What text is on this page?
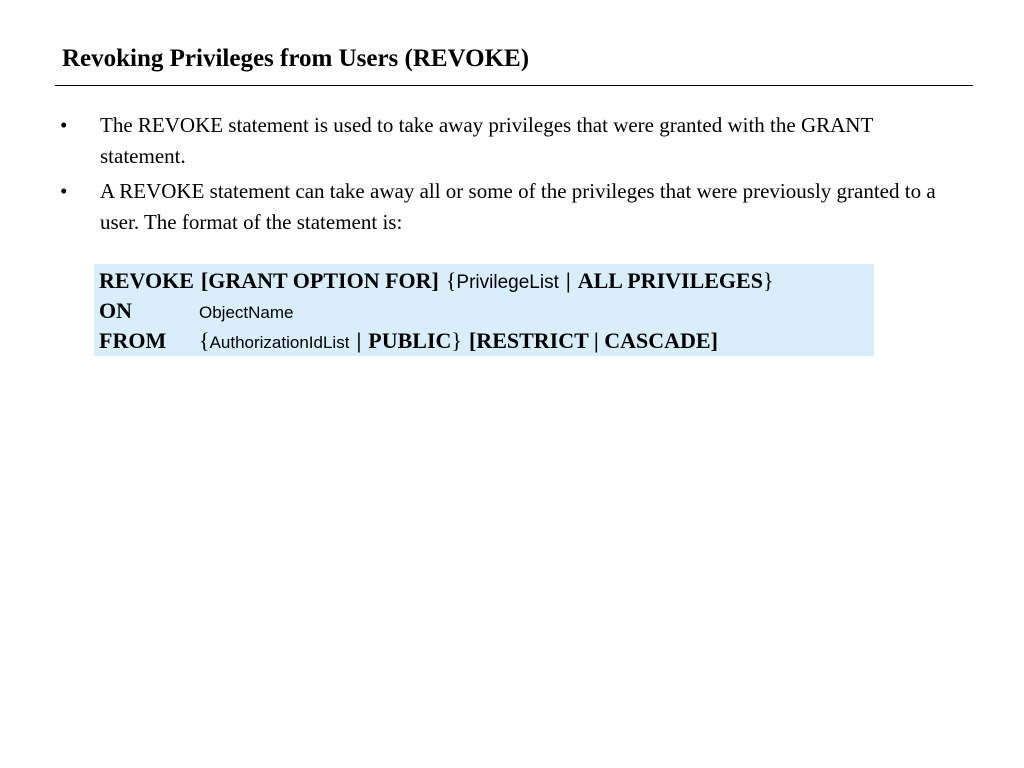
Revoking Privileges from Users (REVOKE)
•	The REVOKE statement is used to take away privileges that were granted with the GRANT statement.
•	A REVOKE statement can take away all or some of the privileges that were previously granted to a user. The format of the statement is:
REVOKE [GRANT OPTION FOR] { PrivilegeList | ALL PRIVILEGES }
ON	ObjectName
FROM	{ AuthorizationIdList | PUBLIC } [RESTRICT | CASCADE]
